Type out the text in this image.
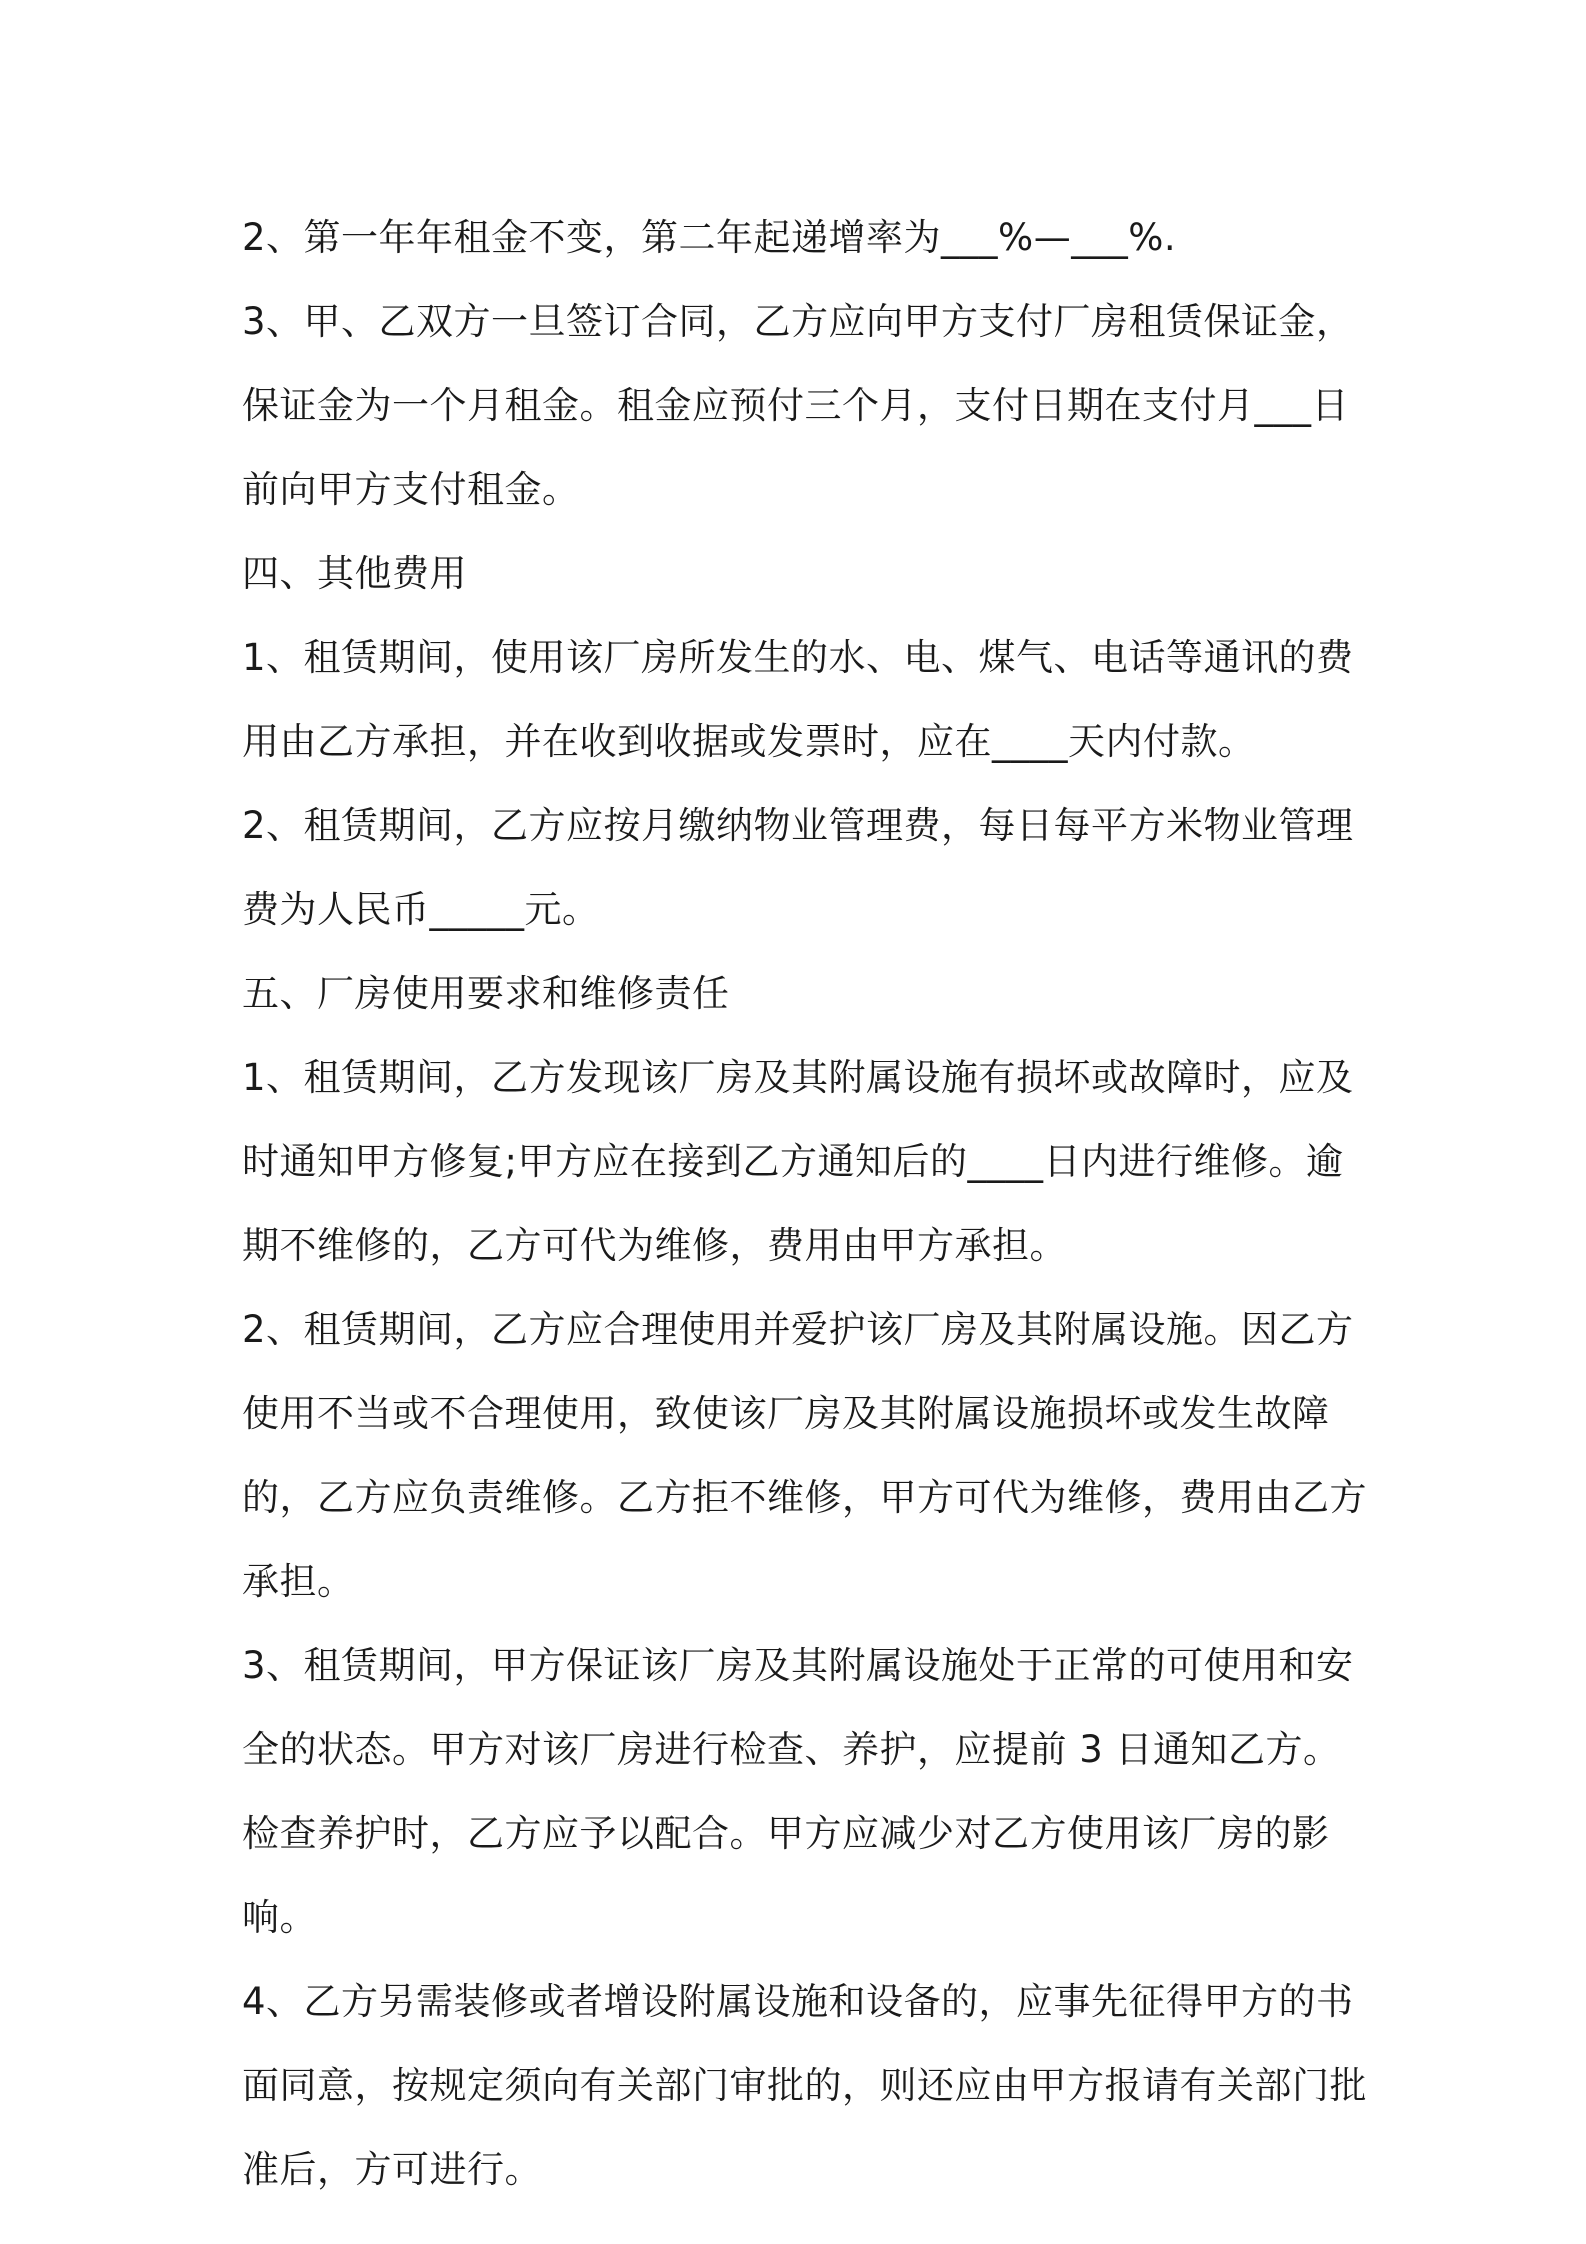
2、第一年年租金不变，第二年起递增率为___%—___%.

3、甲、乙双方一旦签订合同，乙方应向甲方支付厂房租赁保证金，保证金为一个月租金。租金应预付三个月，支付日期在支付月___日前向甲方支付租金。

四、其他费用

1、租赁期间，使用该厂房所发生的水、电、煤气、电话等通讯的费用由乙方承担，并在收到收据或发票时，应在____天内付款。

2、租赁期间，乙方应按月缴纳物业管理费，每日每平方米物业管理费为人民币_____元。

五、厂房使用要求和维修责任

1、租赁期间，乙方发现该厂房及其附属设施有损坏或故障时，应及时通知甲方修复;甲方应在接到乙方通知后的____日内进行维修。逾期不维修的，乙方可代为维修，费用由甲方承担。

2、租赁期间，乙方应合理使用并爱护该厂房及其附属设施。因乙方使用不当或不合理使用，致使该厂房及其附属设施损坏或发生故障的，乙方应负责维修。乙方拒不维修，甲方可代为维修，费用由乙方承担。

3、租赁期间，甲方保证该厂房及其附属设施处于正常的可使用和安全的状态。甲方对该厂房进行检查、养护，应提前 3 日通知乙方。检查养护时，乙方应予以配合。甲方应减少对乙方使用该厂房的影响。

4、乙方另需装修或者增设附属设施和设备的，应事先征得甲方的书面同意，按规定须向有关部门审批的，则还应由甲方报请有关部门批准后，方可进行。
